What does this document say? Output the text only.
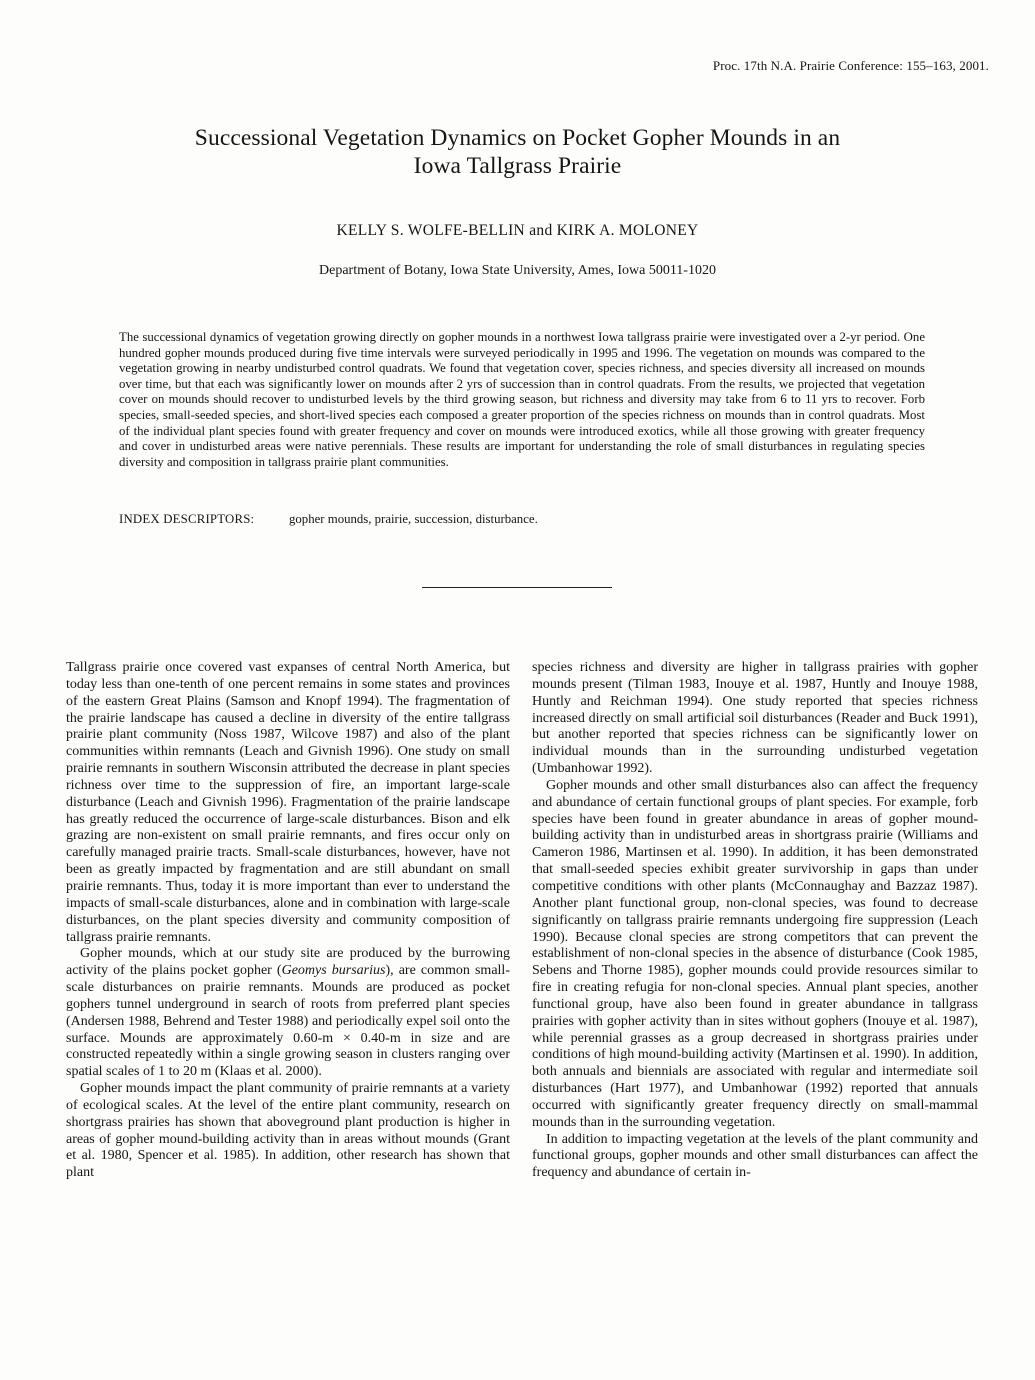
Proc. 17th N.A. Prairie Conference: 155–163, 2001.
Successional Vegetation Dynamics on Pocket Gopher Mounds in an
Iowa Tallgrass Prairie
KELLY S. WOLFE-BELLIN and KIRK A. MOLONEY
Department of Botany, Iowa State University, Ames, Iowa 50011-1020

The successional dynamics of vegetation growing directly on gopher mounds in a northwest Iowa tallgrass prairie were investigated over a 2-yr period. One hundred gopher mounds produced during five time intervals were surveyed periodically in 1995 and 1996. The vegetation on mounds was compared to the vegetation growing in nearby undisturbed control quadrats. We found that vegetation cover, species richness, and species diversity all increased on mounds over time, but that each was significantly lower on mounds after 2 yrs of succession than in control quadrats. From the results, we projected that vegetation cover on mounds should recover to undisturbed levels by the third growing season, but richness and diversity may take from 6 to 11 yrs to recover. Forb species, small-seeded species, and short-lived species each composed a greater proportion of the species richness on mounds than in control quadrats. Most of the individual plant species found with greater frequency and cover on mounds were introduced exotics, while all those growing with greater frequency and cover in undisturbed areas were native perennials. These results are important for understanding the role of small disturbances in regulating species diversity and composition in tallgrass prairie plant communities.

INDEX DESCRIPTORS:	gopher mounds, prairie, succession, disturbance.

Tallgrass prairie once covered vast expanses of central North America, but today less than one-tenth of one percent remains in some states and provinces of the eastern Great Plains (Samson and Knopf 1994). The fragmentation of the prairie landscape has caused a decline in diversity of the entire tallgrass prairie plant community (Noss 1987, Wilcove 1987) and also of the plant communities within remnants (Leach and Givnish 1996). One study on small prairie remnants in southern Wisconsin attributed the decrease in plant species richness over time to the suppression of fire, an important large-scale disturbance (Leach and Givnish 1996). Fragmentation of the prairie landscape has greatly reduced the occurrence of large-scale disturbances. Bison and elk grazing are non-existent on small prairie remnants, and fires occur only on carefully managed prairie tracts. Small-scale disturbances, however, have not been as greatly impacted by fragmentation and are still abundant on small prairie remnants. Thus, today it is more important than ever to understand the impacts of small-scale disturbances, alone and in combination with large-scale disturbances, on the plant species diversity and community composition of tallgrass prairie remnants.

Gopher mounds, which at our study site are produced by the burrowing activity of the plains pocket gopher (Geomys bursarius), are common small-scale disturbances on prairie remnants. Mounds are produced as pocket gophers tunnel underground in search of roots from preferred plant species (Andersen 1988, Behrend and Tester 1988) and periodically expel soil onto the surface. Mounds are approximately 0.60-m × 0.40-m in size and are constructed repeatedly within a single growing season in clusters ranging over spatial scales of 1 to 20 m (Klaas et al. 2000).

Gopher mounds impact the plant community of prairie remnants at a variety of ecological scales. At the level of the entire plant community, research on shortgrass prairies has shown that aboveground plant production is higher in areas of gopher mound-building activity than in areas without mounds (Grant et al. 1980, Spencer et al. 1985). In addition, other research has shown that plant

species richness and diversity are higher in tallgrass prairies with gopher mounds present (Tilman 1983, Inouye et al. 1987, Huntly and Inouye 1988, Huntly and Reichman 1994). One study reported that species richness increased directly on small artificial soil disturbances (Reader and Buck 1991), but another reported that species richness can be significantly lower on individual mounds than in the surrounding undisturbed vegetation (Umbanhowar 1992).

Gopher mounds and other small disturbances also can affect the frequency and abundance of certain functional groups of plant species. For example, forb species have been found in greater abundance in areas of gopher mound-building activity than in undisturbed areas in shortgrass prairie (Williams and Cameron 1986, Martinsen et al. 1990). In addition, it has been demonstrated that small-seeded species exhibit greater survivorship in gaps than under competitive conditions with other plants (McConnaughay and Bazzaz 1987). Another plant functional group, non-clonal species, was found to decrease significantly on tallgrass prairie remnants undergoing fire suppression (Leach 1990). Because clonal species are strong competitors that can prevent the establishment of non-clonal species in the absence of disturbance (Cook 1985, Sebens and Thorne 1985), gopher mounds could provide resources similar to fire in creating refugia for non-clonal species. Annual plant species, another functional group, have also been found in greater abundance in tallgrass prairies with gopher activity than in sites without gophers (Inouye et al. 1987), while perennial grasses as a group decreased in shortgrass prairies under conditions of high mound-building activity (Martinsen et al. 1990). In addition, both annuals and biennials are associated with regular and intermediate soil disturbances (Hart 1977), and Umbanhowar (1992) reported that annuals occurred with significantly greater frequency directly on small-mammal mounds than in the surrounding vegetation.

In addition to impacting vegetation at the levels of the plant community and functional groups, gopher mounds and other small disturbances can affect the frequency and abundance of certain in-
